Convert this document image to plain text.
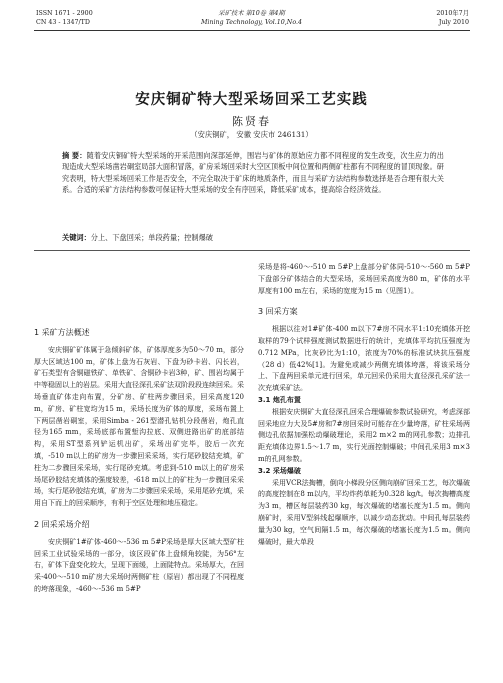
ISSN 1671 - 2900
CN 43 - 1347/TD
采矿技术 第10卷 第4期
Mining Technology, Vol.10,No.4
2010年7月
July 2010
安庆铜矿特大型采场回采工艺实践
陈贤春
（安庆铜矿， 安徽 安庆市 246131）
摘 要：随着安庆铜矿特大型采场的开采范围向深部延伸，围岩与矿体的原始应力都不同程度的发生改变，次生应力的出现造成大型采场凿岩硐室局部大面积冒落，矿房采场回采时大空区顶板中间位置和两侧矿柱都有不同程度的冒顶现象。研究表明，特大型采场回采工作是否安全，不完全取决于矿床的地质条件，而且与采矿方法结构参数选择是否合理有很大关系。合适的采矿方法结构参数可保证特大型采场的安全有序回采，降低采矿成本，提高综合经济效益。
关键词：分上、下盘回采；单段药量；控制爆破
1 采矿方法概述

安庆铜矿矿体属于急倾斜矿体，矿体厚度多为50～70 m，部分厚大区域达100 m，矿体上盘为石灰岩、下盘为砂卡岩、闪长岩，矿石类型有含铜磁铁矿、单铁矿、含铜砂卡岩3种，矿、围岩均属于中等稳固以上的岩层。采用大直径深孔采矿法双阶段段连续回采。采场垂直矿体走向布置，分矿房、矿柱两步骤回采，回采高度120 m，矿房、矿柱宽均为15 m，采场长度为矿体的厚度，采场布置上下两层凿岩硐室，采用Simba - 261型潜孔钻机分段凿岩，炮孔直径为165 mm，采场底部布置堑沟拉底、双侧进路出矿的底部结构，采用ST型系列铲运机出矿，采场出矿完毕，胶后一次充填，-510 m以上的矿房为一步骤回采采场，实行尾砂胶结充填，矿柱为二步骤回采采场，实行尾砂充填。考虑到-510 m以上的矿房采场尾砂胶结充填体的强度较差，-618 m以上的矿柱为一步骤回采采场，实行尾砂胶结充填，矿房为二步骤回采采场，采用尾砂充填，采用自下而上的回采顺序，有利于空区处理和地压稳定。

2 回采采场介绍

安庆铜矿1#矿体-460～-536 m 5#P采场是厚大区域大型矿柱回采工业试验采场的一部分，该区段矿体上盘倾角较陡，为56°左右，矿体下盘变化较大，呈现下面缓，上面陡特点。采场厚大，在回采-400～-510 m矿房大采场时两侧矿柱（原岩）都出现了不同程度的垮落现象，-460～-536 m 5#P

采场是将-460～-510 m 5#P上盘部分矿体同-510～-560 m 5#P下盘部分矿体结合的大型采场，采场回采高度为80 m，矿体的水平厚度有100 m左右，采场的宽度为15 m（见图1）。

3 回采方案

根据以往对1#矿体-400 m以下7#房不同水平1:10充填体开挖取样的79个试样强度测试数据进行的统计，充填体平均抗压强度为0.712 MPa，比灰砂比为1:10，浓度为70%的标准试块抗压强度（28 d）低42%[1]。为避免或减少两侧充填体垮落，将该采场分上、下盘两回采单元进行回采，单元回采仍采用大直径深孔采矿法一次充填采矿法。

3.1 炮孔布置

根据安庆铜矿大直径深孔回采合理爆破参数试验研究，考虑深部回采地应力大及5#房和7#房回采时可能存在少量垮落，矿柱采场两侧边孔依据加强松动爆破理论，采用2 m×2 m的网孔参数；边排孔距充填体边界1.5～1.7 m，实行光面控制爆破；中间孔采用3 m×3 m的孔网参数。

3.2 采场爆破

采用VCR法掏槽，倒向小梯段分区侧向崩矿回采工艺，每次爆破的高度控制在8 m以内，平均炸药单耗为0.328 kg/t。每次掏槽高度为3 m，槽区每层装药30 kg，每次爆破的堵塞长度为1.5 m。侧向崩矿时，采用V型斜线起爆顺序，以减少动态扰动。中间孔每层装药量为30 kg，空气间隔1.5 m，每次爆破的堵塞长度为1.5 m。侧向爆破时，最大单段
